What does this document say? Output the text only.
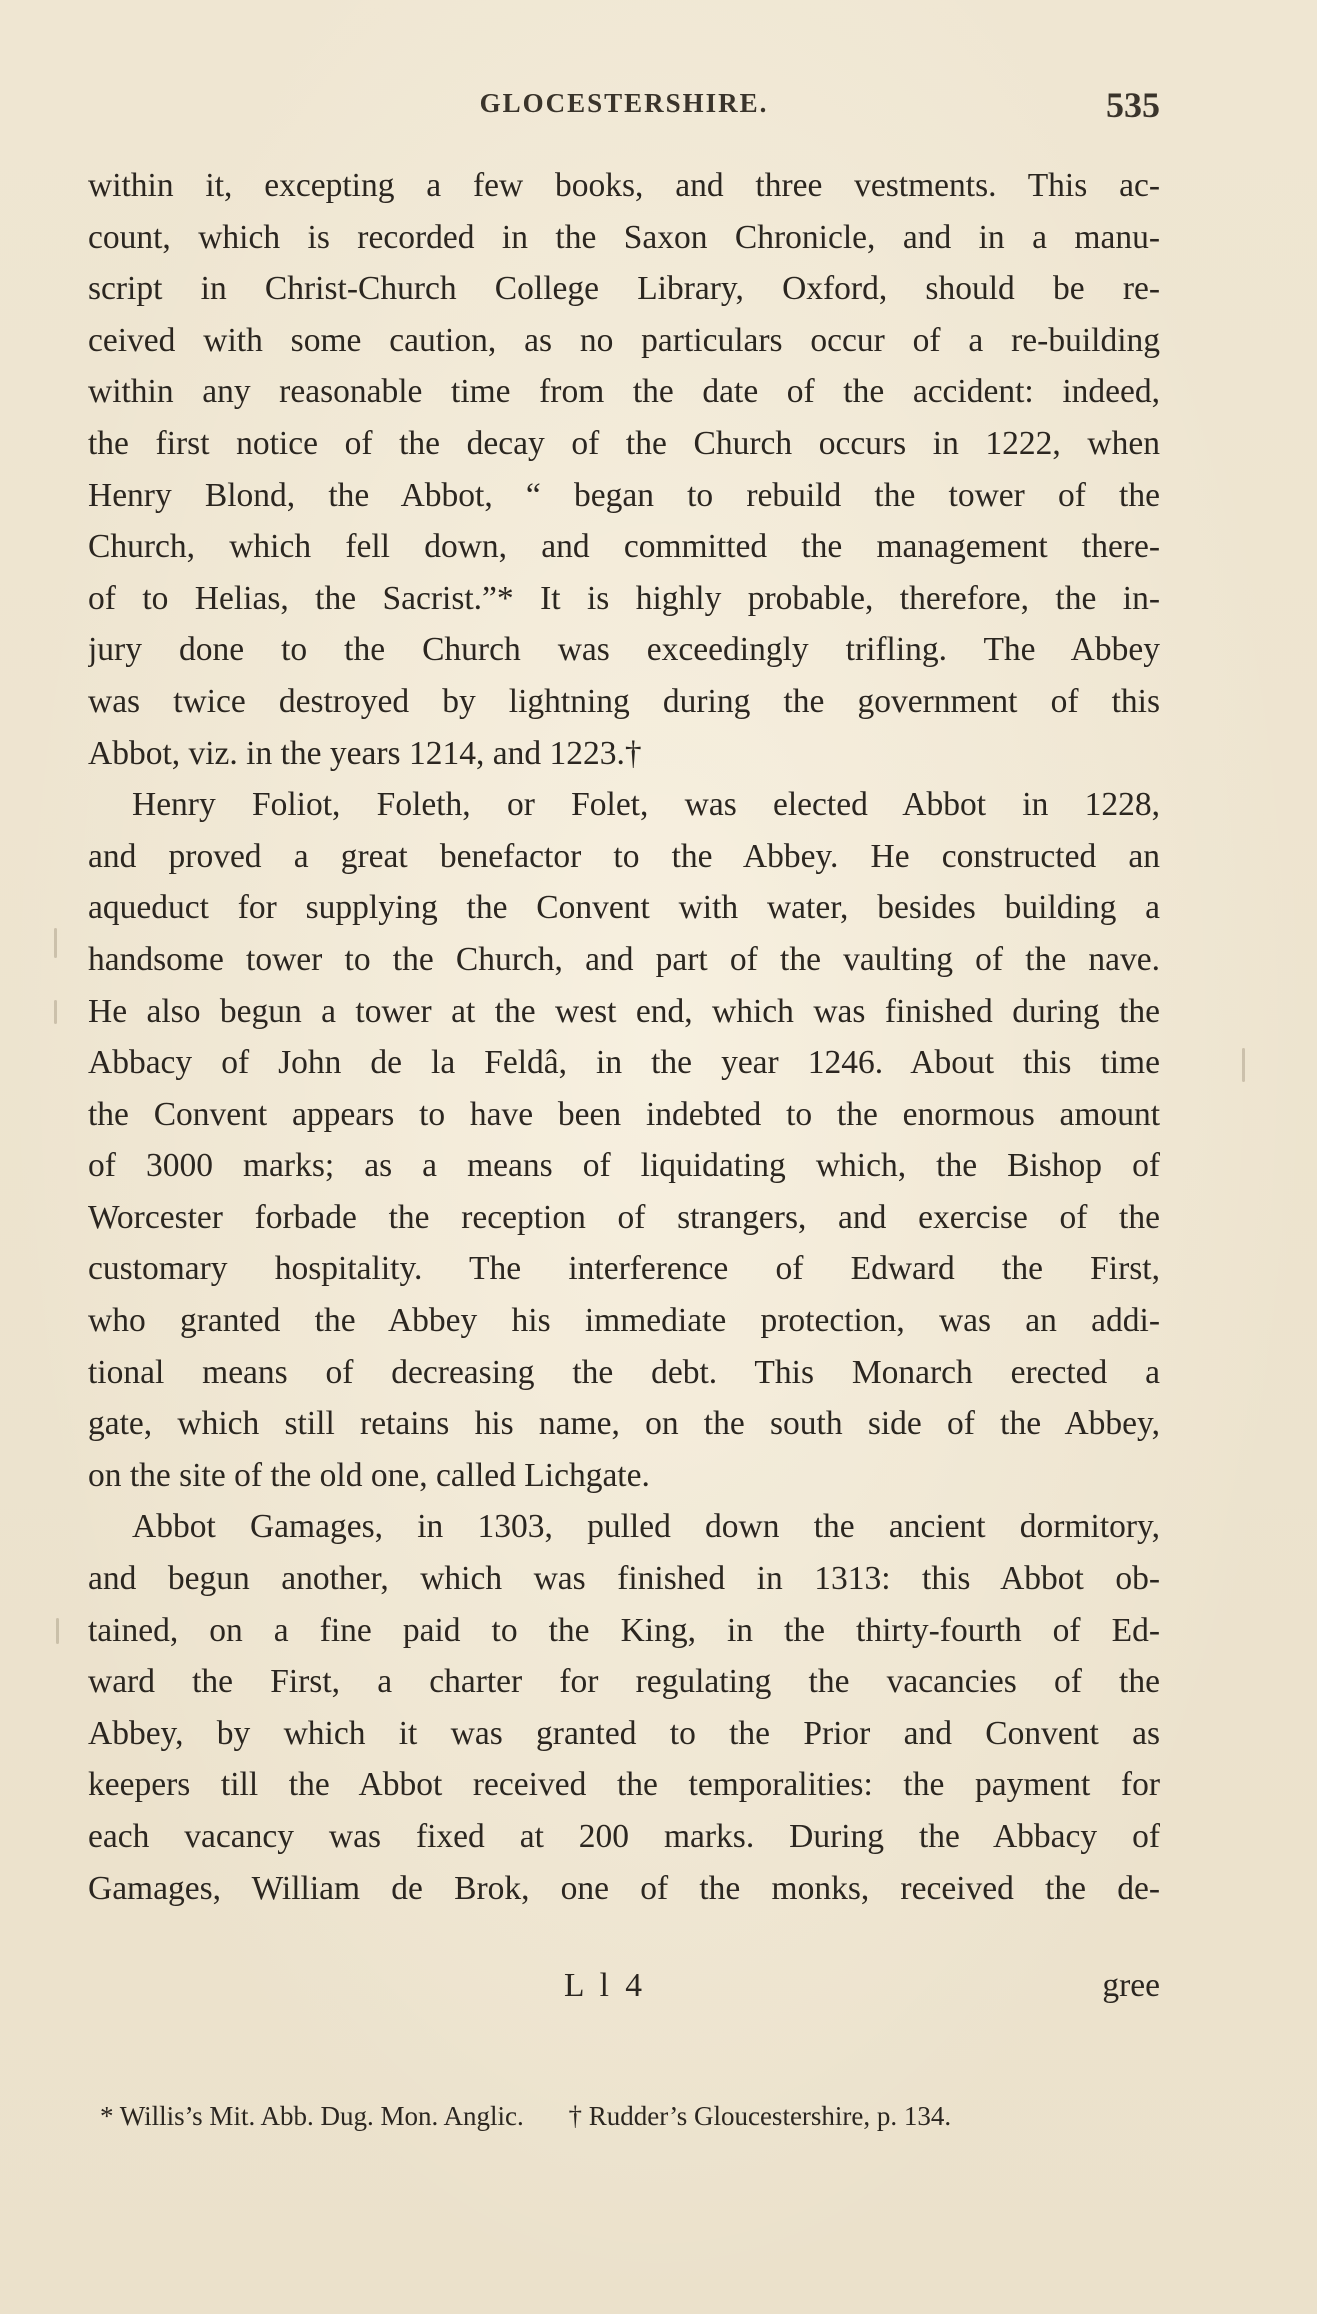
GLOCESTERSHIRE.	535
within it, excepting a few books, and three vestments. This ac-
count, which is recorded in the Saxon Chronicle, and in a manu-
script in Christ-Church College Library, Oxford, should be re-
ceived with some caution, as no particulars occur of a re-building
within any reasonable time from the date of the accident: indeed,
the first notice of the decay of the Church occurs in 1222, when
Henry Blond, the Abbot, “ began to rebuild the tower of the
Church, which fell down, and committed the management there-
of to Helias, the Sacrist.”* It is highly probable, therefore, the in-
jury done to the Church was exceedingly trifling. The Abbey
was twice destroyed by lightning during the government of this
Abbot, viz. in the years 1214, and 1223.†
Henry Foliot, Foleth, or Folet, was elected Abbot in 1228,
and proved a great benefactor to the Abbey. He constructed an
aqueduct for supplying the Convent with water, besides building a
handsome tower to the Church, and part of the vaulting of the nave.
He also begun a tower at the west end, which was finished during the
Abbacy of John de la Feldâ, in the year 1246. About this time
the Convent appears to have been indebted to the enormous amount
of 3000 marks; as a means of liquidating which, the Bishop of
Worcester forbade the reception of strangers, and exercise of the
customary hospitality. The interference of Edward the First,
who granted the Abbey his immediate protection, was an addi-
tional means of decreasing the debt. This Monarch erected a
gate, which still retains his name, on the south side of the Abbey,
on the site of the old one, called Lichgate.
Abbot Gamages, in 1303, pulled down the ancient dormitory,
and begun another, which was finished in 1313: this Abbot ob-
tained, on a fine paid to the King, in the thirty-fourth of Ed-
ward the First, a charter for regulating the vacancies of the
Abbey, by which it was granted to the Prior and Convent as
keepers till the Abbot received the temporalities: the payment for
each vacancy was fixed at 200 marks. During the Abbacy of
Gamages, William de Brok, one of the monks, received the de-
L l 4	gree
* Willis’s Mit. Abb. Dug. Mon. Anglic. † Rudder’s Gloucestershire, p. 134.
